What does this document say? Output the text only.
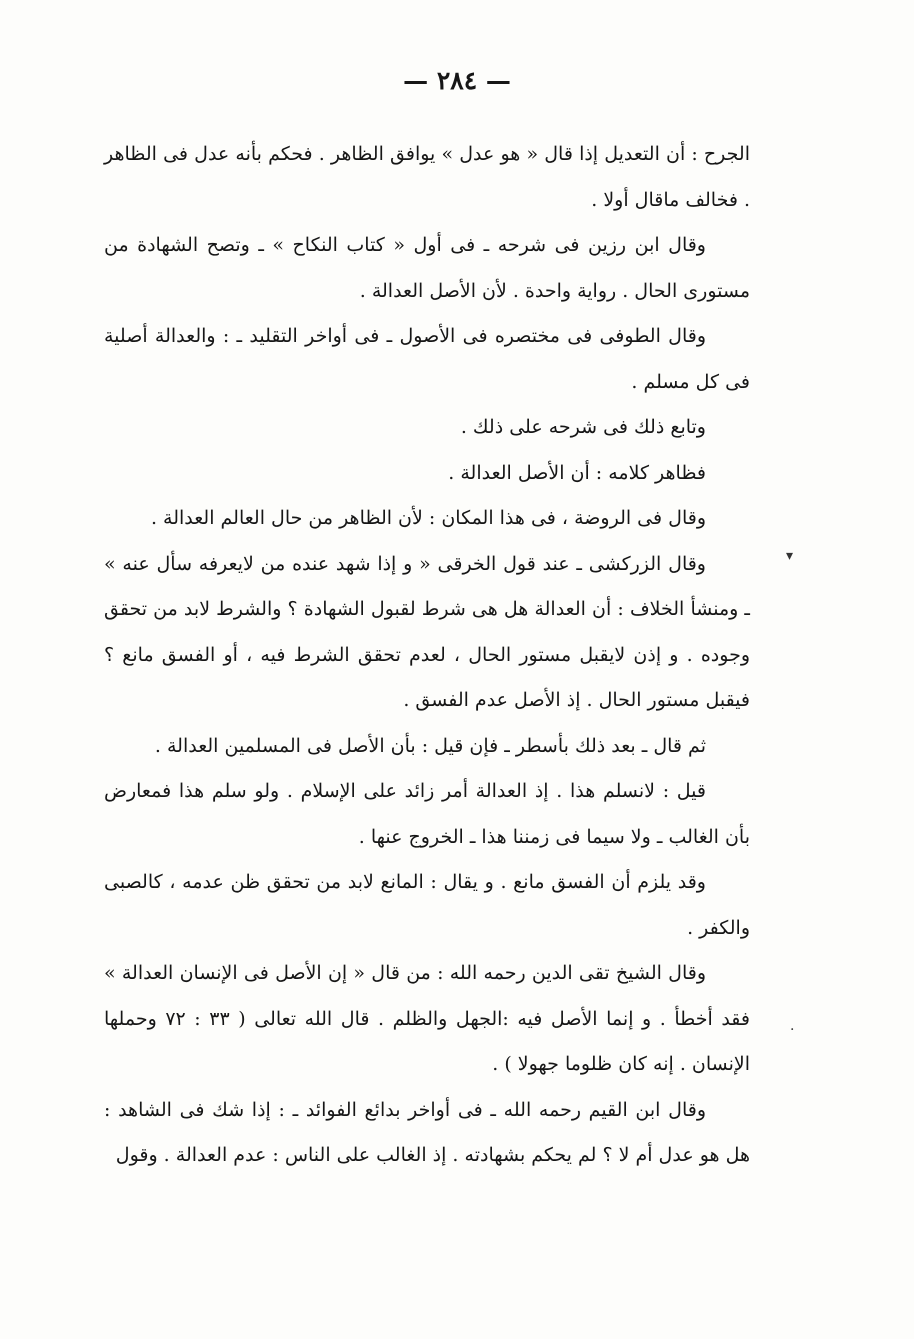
— ٢٨٤ —

الجرح : أن التعديل إذا قال « هو عدل » يوافق الظاهر . فحكم بأنه عدل فى الظاهر . فخالف ماقال أولا .

وقال ابن رزين فى شرحه ـ فى أول « كتاب النكاح » ـ وتصح الشهادة من مستورى الحال . رواية واحدة . لأن الأصل العدالة .

وقال الطوفى فى مختصره فى الأصول ـ فى أواخر التقليد ـ : والعدالة أصلية فى كل مسلم .

وتابع ذلك فى شرحه على ذلك .

فظاهر كلامه : أن الأصل العدالة .

وقال فى الروضة ، فى هذا المكان : لأن الظاهر من حال العالم العدالة .

وقال الزركشى ـ عند قول الخرقى « و إذا شهد عنده من لايعرفه سأل عنه » ـ ومنشأ الخلاف : أن العدالة هل هى شرط لقبول الشهادة ؟ والشرط لابد من تحقق وجوده . و إذن لايقبل مستور الحال ، لعدم تحقق الشرط فيه ، أو الفسق مانع ؟ فيقبل مستور الحال . إذ الأصل عدم الفسق .

ثم قال ـ بعد ذلك بأسطر ـ فإن قيل : بأن الأصل فى المسلمين العدالة .

قيل : لانسلم هذا . إذ العدالة أمر زائد على الإسلام . ولو سلم هذا فمعارض بأن الغالب ـ ولا سيما فى زمننا هذا ـ الخروج عنها .

وقد يلزم أن الفسق مانع . و يقال : المانع لابد من تحقق ظن عدمه ، كالصبى والكفر .

وقال الشيخ تقى الدين رحمه الله : من قال « إن الأصل فى الإنسان العدالة » فقد أخطأ . و إنما الأصل فيه :الجهل والظلم . قال الله تعالى ( ٣٣ : ٧٢ وحملها الإنسان . إنه كان ظلوما جهولا ) .

وقال ابن القيم رحمه الله ـ فى أواخر بدائع الفوائد ـ : إذا شك فى الشاهد : هل هو عدل أم لا ؟ لم يحكم بشهادته . إذ الغالب على الناس : عدم العدالة . وقول

▾
·
